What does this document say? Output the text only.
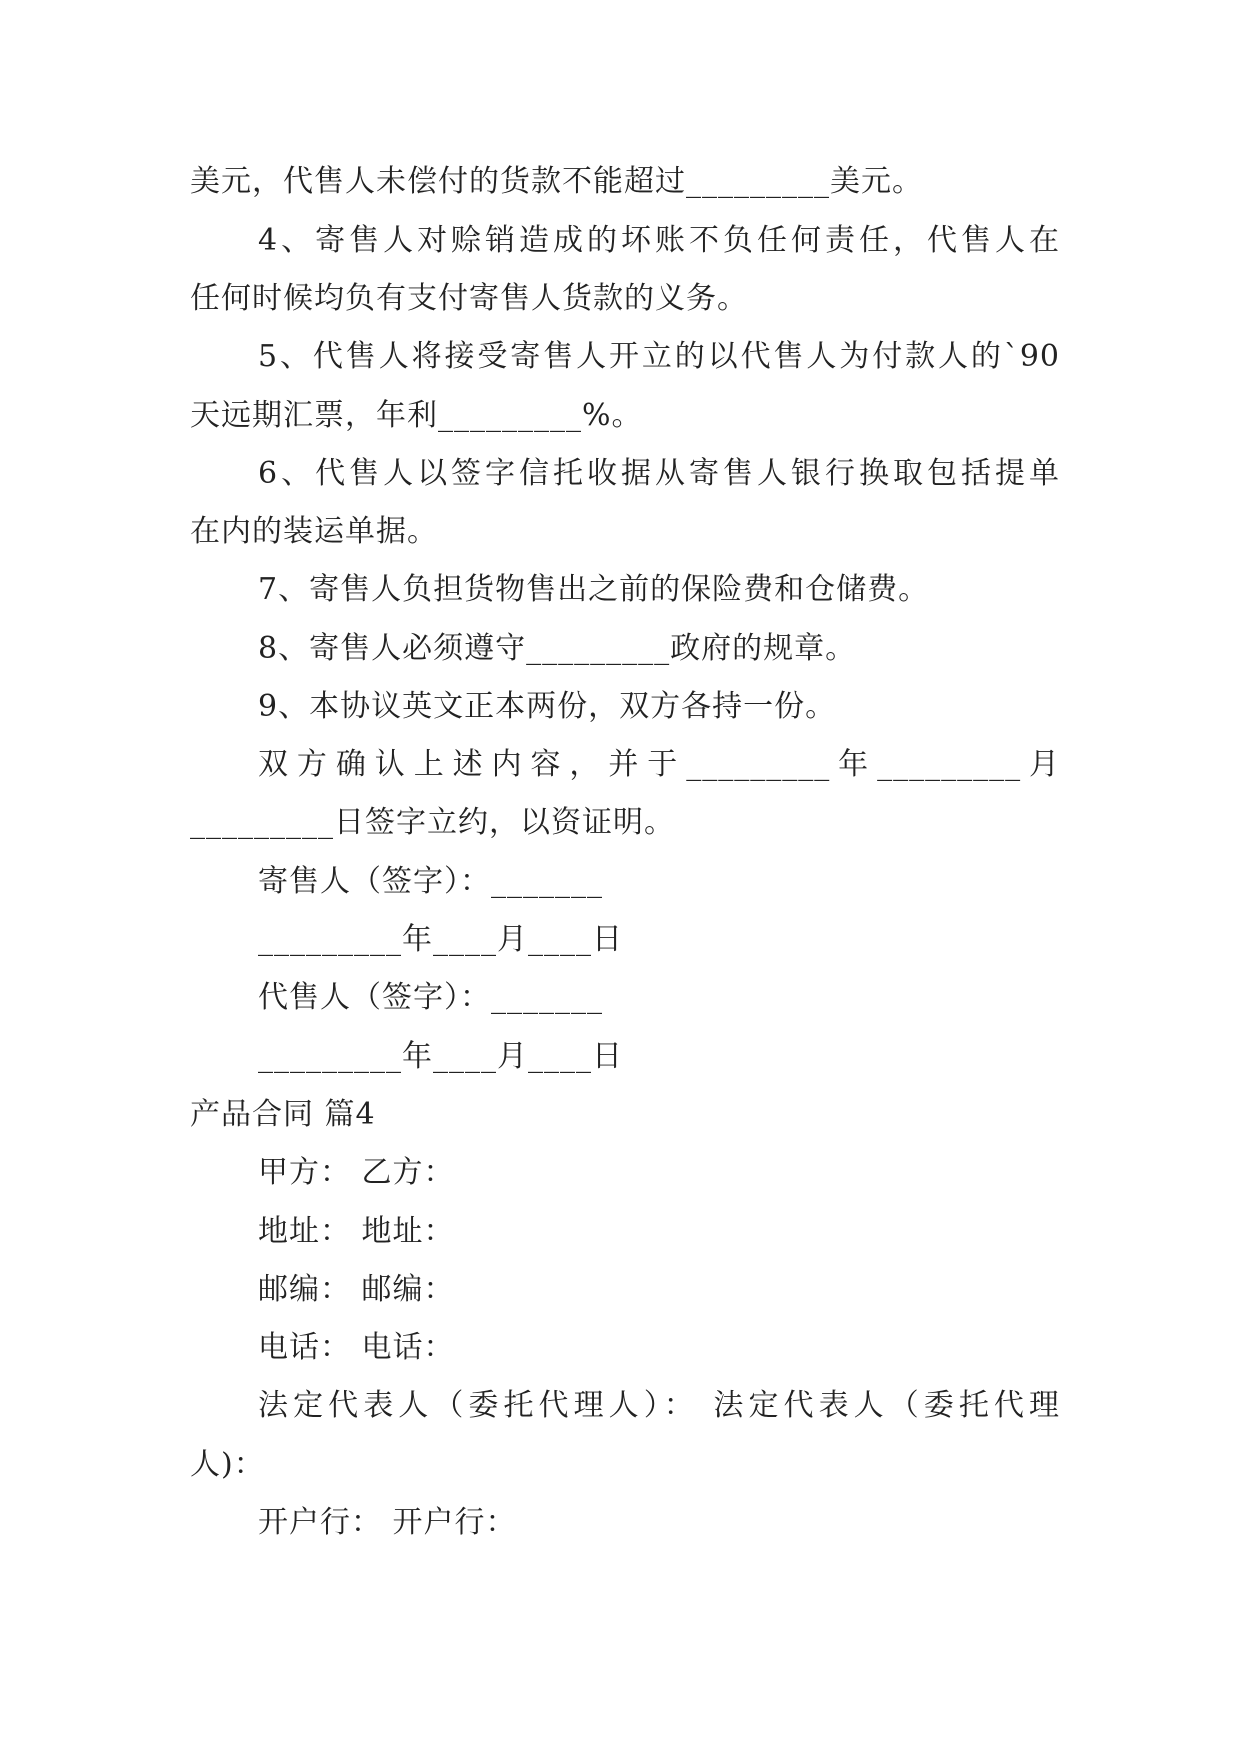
美元，代售人未偿付的货款不能超过_________美元。
4、寄售人对赊销造成的坏账不负任何责任，代售人在
任何时候均负有支付寄售人货款的义务。
5、代售人将接受寄售人开立的以代售人为付款人的`90
天远期汇票，年利_________%。
6、代售人以签字信托收据从寄售人银行换取包括提单
在内的装运单据。
7、寄售人负担货物售出之前的保险费和仓储费。
8、寄售人必须遵守_________政府的规章。
9、本协议英文正本两份，双方各持一份。
双方确认上述内容，并于_________年_________月
_________日签字立约，以资证明。
寄售人（签字）：_______
_________年____月____日
代售人（签字）：_______
_________年____月____日
产品合同 篇4
甲方： 乙方：
地址： 地址：
邮编： 邮编：
电话： 电话：
法定代表人（委托代理人）： 法定代表人（委托代理
人)：
开户行： 开户行：
